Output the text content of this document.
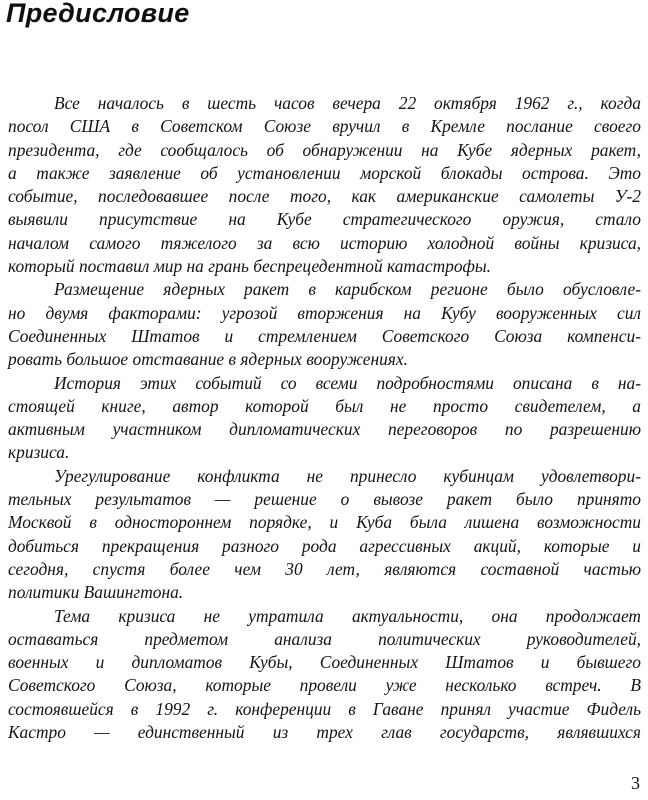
Предисловие
Все началось в шесть часов вечера 22 октября 1962 г., когда
посол США в Советском Союзе вручил в Кремле послание своего
президента, где сообщалось об обнаружении на Кубе ядерных ракет,
а также заявление об установлении морской блокады острова. Это
событие, последовавшее после того, как американские самолеты У-2
выявили присутствие на Кубе стратегического оружия, стало
началом самого тяжелого за всю историю холодной войны кризиса,
который поставил мир на грань беспрецедентной катастрофы.
Размещение ядерных ракет в карибском регионе было обусловле-
но двумя факторами: угрозой вторжения на Кубу вооруженных сил
Соединенных Штатов и стремлением Советского Союза компенси-
ровать большое отставание в ядерных вооружениях.
История этих событий со всеми подробностями описана в на-
стоящей книге, автор которой был не просто свидетелем, а
активным участником дипломатических переговоров по разрешению
кризиса.
Урегулирование конфликта не принесло кубинцам удовлетвори-
тельных результатов — решение о вывозе ракет было принято
Москвой в одностороннем порядке, и Куба была лишена возможности
добиться прекращения разного рода агрессивных акций, которые и
сегодня, спустя более чем 30 лет, являются составной частью
политики Вашингтона.
Тема кризиса не утратила актуальности, она продолжает
оставаться предметом анализа политических руководителей,
военных и дипломатов Кубы, Соединенных Штатов и бывшего
Советского Союза, которые провели уже несколько встреч. В
состоявшейся в 1992 г. конференции в Гаване принял участие Фидель
Кастро — единственный из трех глав государств, являвшихся
3
